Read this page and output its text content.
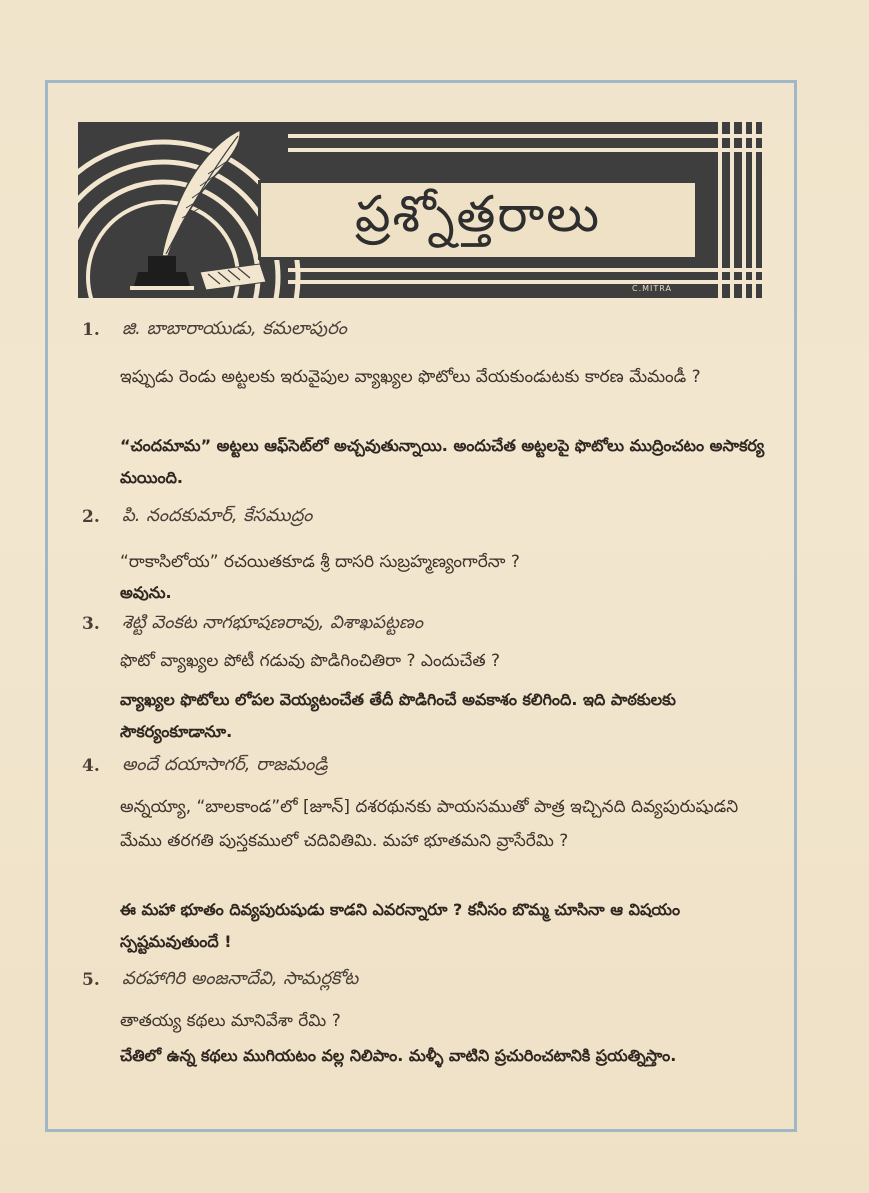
ప్రశ్నోత్తరాలు
C.MITRA
1.	జి. బాబారాయుడు, కమలాపురం
ఇప్పుడు రెండు అట్టలకు ఇరువైపుల వ్యాఖ్యల ఫొటోలు వేయకుండుటకు కారణ మేమండీ ?
“చందమామ” అట్టలు ఆఫ్‌సెట్‌లో అచ్చవుతున్నాయి. అందుచేత అట్టలపై ఫొటోలు ముద్రించటం అసాకర్య మయింది.
2.	పి. నందకుమార్, కేసముద్రం
“రాకాసిలోయ” రచయితకూడ శ్రీ దాసరి సుబ్రహ్మణ్యంగారేనా ?
అవును.
3.	శెట్టి వెంకట నాగభూషణరావు, విశాఖపట్టణం
ఫొటో వ్యాఖ్యల పోటీ గడువు పొడిగించితిరా ? ఎందుచేత ?
వ్యాఖ్యల ఫొటోలు లోపల వెయ్యటంచేత తేదీ పొడిగించే అవకాశం కలిగింది. ఇది పాఠకులకు సౌకర్యంకూడానూ.
4.	అందే దయాసాగర్, రాజమండ్రి
అన్నయ్యా, “బాలకాండ”లో [జూన్] దశరథునకు పాయసముతో పాత్ర ఇచ్చినది దివ్యపురుషుడని మేము తరగతి పుస్తకములో చదివితిమి. మహా భూతమని వ్రాసేరేమి ?
ఈ మహా భూతం దివ్యపురుషుడు కాడని ఎవరన్నారూ ? కనీసం బొమ్మ చూసినా ఆ విషయం స్పష్టమవుతుందే !
5.	వరహాగిరి అంజనాదేవి, సామర్లకోట
తాతయ్య కథలు మానివేశా రేమి ?
చేతిలో ఉన్న కథలు ముగియటం వల్ల నిలిపాం. మళ్ళీ వాటిని ప్రచురించటానికి ప్రయత్నిస్తాం.
